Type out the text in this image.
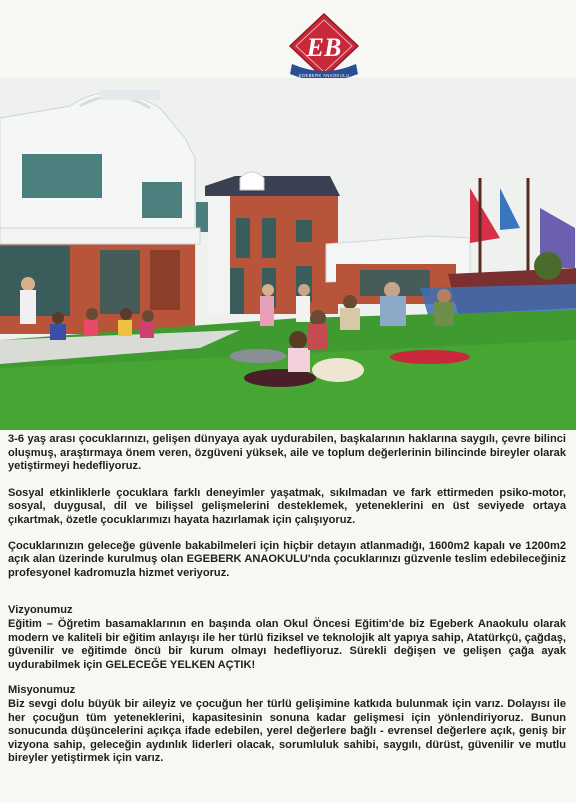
EB
EGEBERK ANAOKULU

3-6 yaş arası çocuklarınızı, gelişen dünyaya ayak uydurabilen, başkalarının haklarına saygılı, çevre bilinci oluşmuş, araştırmaya önem veren, özgüveni yüksek, aile ve toplum değerlerinin bilincinde bireyler olarak yetiştirmeyi hedefliyoruz.

Sosyal etkinliklerle çocuklara farklı deneyimler yaşatmak, sıkılmadan ve fark ettirmeden psiko-motor, sosyal, duygusal, dil ve bilişsel gelişmelerini desteklemek, yeteneklerini en üst seviyede ortaya çıkartmak, özetle çocuklarımızı hayata hazırlamak için çalışıyoruz.

Çocuklarınızın geleceğe güvenle bakabilmeleri için hiçbir detayın atlanmadığı, 1600m2 kapalı ve 1200m2 açık alan üzerinde kurulmuş olan EGEBERK ANAOKULU'nda çocuklarınızı güzvenle teslim edebileceğiniz profesyonel kadromuzla hizmet veriyoruz.

Vizyonumuz

Eğitim – Öğretim basamaklarının en başında olan Okul Öncesi Eğitim'de biz Egeberk Anaokulu olarak modern ve kaliteli bir eğitim anlayışı ile her türlü fiziksel ve teknolojik alt yapıya sahip, Atatürkçü, çağdaş, güvenilir ve eğitimde öncü bir kurum olmayı hedefliyoruz. Sürekli değişen ve gelişen çağa ayak uydurabilmek için GELECEĞE YELKEN AÇTIK!

Misyonumuz

Biz sevgi dolu büyük bir aileyiz ve çocuğun her türlü gelişimine katkıda bulunmak için varız. Dolayısı ile her çocuğun tüm yeteneklerini, kapasitesinin sonuna kadar gelişmesi için yönlendiriyoruz. Bunun sonucunda düşüncelerini açıkça ifade edebilen, yerel değerlere bağlı - evrensel değerlere açık, geniş bir vizyona sahip, geleceğin aydınlık liderleri olacak, sorumluluk sahibi, saygılı, dürüst, güvenilir ve mutlu bireyler yetiştirmek için varız.
